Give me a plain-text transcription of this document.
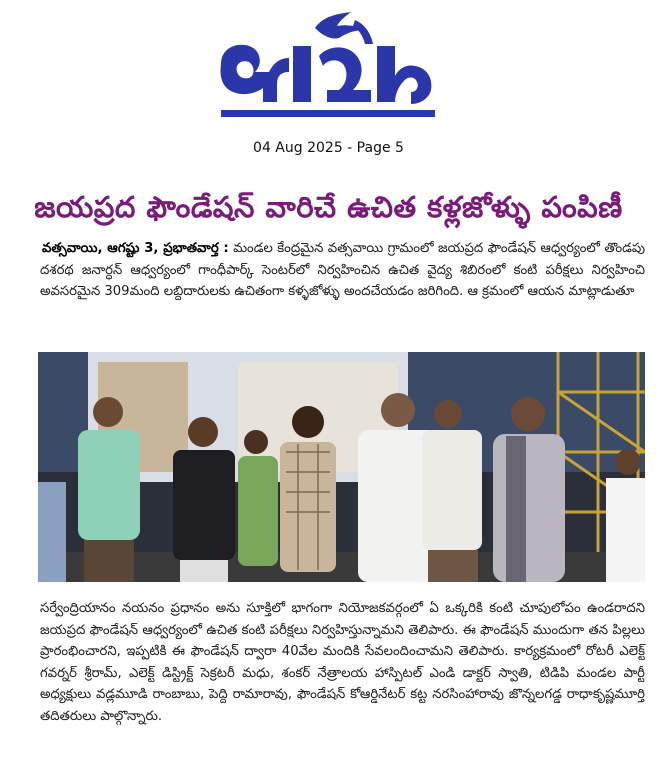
04 Aug 2025 - Page 5
జయప్రద ఫౌండేషన్ వారిచే ఉచిత కళ్లజోళ్ళు పంపిణీ

వత్సవాయి, ఆగష్టు 3, ప్రభాతవార్త : మండల కేంద్రమైన వత్సవాయి గ్రామంలో జయప్రద ఫౌండేషన్ ఆధ్వర్యంలో తొండపు దశరథ జనార్ధన్ ఆధ్వర్యంలో గాంధీపార్క్ సెంటర్‌లో నిర్వహించిన ఉచిత వైద్య శిబిరంలో కంటి పరీక్షలు నిర్వహించి అవసరమైన 309మంది లబ్దిదారులకు ఉచితంగా కళ్ళజోళ్ళు అందచేయడం జరిగింది. ఆ క్రమంలో ఆయన మాట్లాడుతూ

సర్వేంద్రియానం నయనం ప్రధానం అను సూక్తిలో భాగంగా నియోజకవర్గంలో ఏ ఒక్కరికి కంటి చూపులోపం ఉండరాదని జయప్రద ఫౌండేషన్ ఆధ్వర్యంలో ఉచిత కంటి పరీక్షలు నిర్వహిస్తున్నామని తెలిపారు. ఈ ఫౌండేషన్ ముందుగా తన పిల్లలు ప్రారంభించారని, ఇప్పటికి ఈ ఫౌండేషన్ ద్వారా 40వేల మందికి సేవలందించామని తెలిపారు. కార్యక్రమంలో రోటరీ ఎలెక్ట్ గవర్నర్ శ్రీరామ్, ఎలెక్ట్ డిస్ట్రిక్ట్ సెక్రటరీ మధు, శంకర్ నేత్రాలయ హాస్పిటల్ ఎండి డాక్టర్ స్వాతి, టిడిపి మండల పార్టీ అధ్యక్షులు వడ్లమూడి రాంబాబు, పెద్ది రామారావు, ఫౌండేషన్ కోఆర్డినేటర్ కట్ట నరసింహారావు జొన్నలగడ్డ రాధాకృష్ణమూర్తి తదితరులు పాల్గొన్నారు.
